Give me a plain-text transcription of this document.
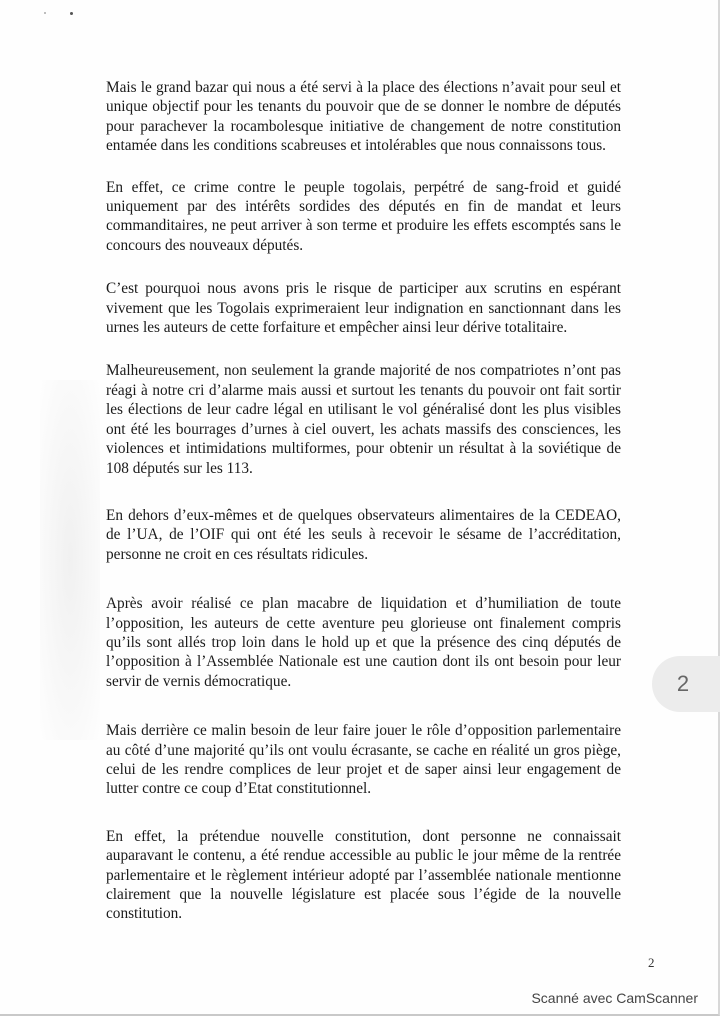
Mais le grand bazar qui nous a été servi à la place des élections n’avait pour seul et unique objectif pour les tenants du pouvoir que de se donner le nombre de députés pour parachever la rocambolesque initiative de changement de notre constitution entamée dans les conditions scabreuses et intolérables que nous connaissons tous.

En effet, ce crime contre le peuple togolais, perpétré de sang-froid et guidé uniquement par des intérêts sordides des députés en fin de mandat et leurs commanditaires, ne peut arriver à son terme et produire les effets escomptés sans le concours des nouveaux députés.

C’est pourquoi nous avons pris le risque de participer aux scrutins en espérant vivement que les Togolais exprimeraient leur indignation en sanctionnant dans les urnes les auteurs de cette forfaiture et empêcher ainsi leur dérive totalitaire.

Malheureusement, non seulement la grande majorité de nos compatriotes n’ont pas réagi à notre cri d’alarme mais aussi et surtout les tenants du pouvoir ont fait sortir les élections de leur cadre légal en utilisant le vol généralisé dont les plus visibles ont été les bourrages d’urnes à ciel ouvert, les achats massifs des consciences, les violences et intimidations multiformes, pour obtenir un résultat à la soviétique de 108 députés sur les 113.

En dehors d’eux-mêmes et de quelques observateurs alimentaires de la CEDEAO, de l’UA, de l’OIF qui ont été les seuls à recevoir le sésame de l’accréditation, personne ne croit en ces résultats ridicules.

Après avoir réalisé ce plan macabre de liquidation et d’humiliation de toute l’opposition, les auteurs de cette aventure peu glorieuse ont finalement compris qu’ils sont allés trop loin dans le hold up et que la présence des cinq députés de l’opposition à l’Assemblée Nationale est une caution dont ils ont besoin pour leur servir de vernis démocratique.

Mais derrière ce malin besoin de leur faire jouer le rôle d’opposition parlementaire au côté d’une majorité qu’ils ont voulu écrasante, se cache en réalité un gros piège, celui de les rendre complices de leur projet et de saper ainsi leur engagement de lutter contre ce coup d’Etat constitutionnel.

En effet, la prétendue nouvelle constitution, dont personne ne connaissait auparavant le contenu, a été rendue accessible au public le jour même de la rentrée parlementaire et le règlement intérieur adopté par l’assemblée nationale mentionne clairement que la nouvelle législature est placée sous l’égide de la nouvelle constitution.

2
Scanné avec CamScanner
2
